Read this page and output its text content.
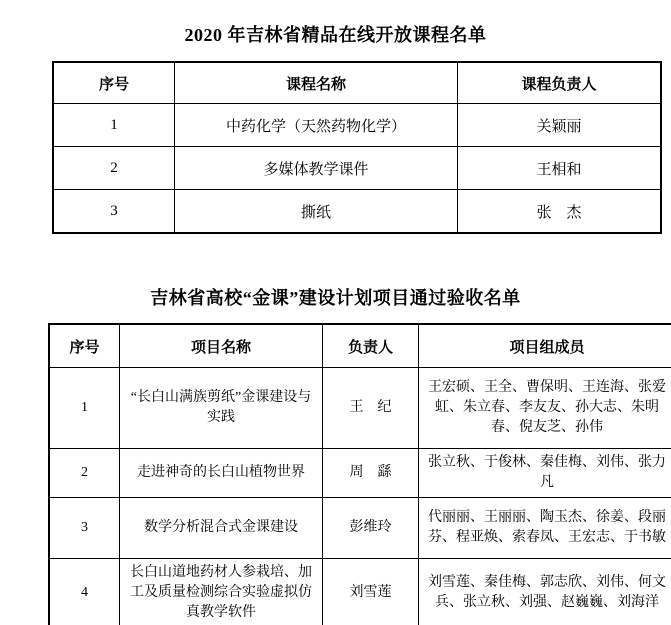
2020 年吉林省精品在线开放课程名单
序号	课程名称	课程负责人
1	中药化学（天然药物化学）	关颖丽
2	多媒体教学课件	王相和
3	撕纸	张　杰
吉林省高校“金课”建设计划项目通过验收名单
序号	项目名称	负责人	项目组成员
1	“长白山满族剪纸”金课建设与实践	王　纪	王宏硕、王全、曹保明、王连海、张爱虹、朱立春、李友友、孙大志、朱明春、倪友芝、孙伟
2	走进神奇的长白山植物世界	周　繇	张立秋、于俊林、秦佳梅、刘伟、张力凡
3	数学分析混合式金课建设	彭维玲	代丽丽、王丽丽、陶玉杰、徐姜、段丽芬、程亚焕、索春凤、王宏志、于书敏
4	长白山道地药材人参栽培、加工及质量检测综合实验虚拟仿真教学软件	刘雪莲	刘雪莲、秦佳梅、郭志欣、刘伟、何文兵、张立秋、刘强、赵巍巍、刘海洋
